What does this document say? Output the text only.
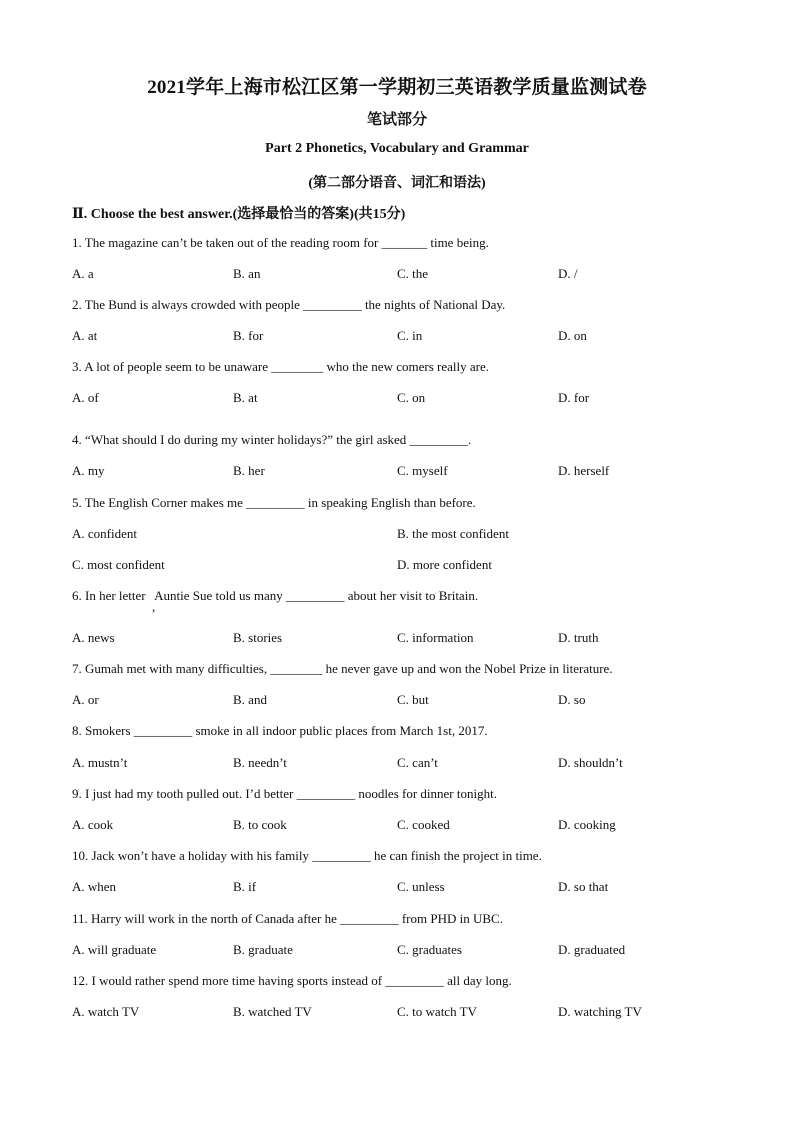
2021学年上海市松江区第一学期初三英语教学质量监测试卷
笔试部分
Part 2 Phonetics, Vocabulary and Grammar
(第二部分语音、词汇和语法)
Ⅱ. Choose the best answer.(选择最恰当的答案)(共15分)
1. The magazine can’t be taken out of the reading room for _______ time being.
A. a	B. an	C. the	D. /
2. The Bund is always crowded with people _________ the nights of National Day.
A. at	B. for	C. in	D. on
3. A lot of people seem to be unaware ________ who the new comers really are.
A. of	B. at	C. on	D. for
4. “What should I do during my winter holidays?” the girl asked _________.
A. my	B. her	C. myself	D. herself
5. The English Corner makes me _________ in speaking English than before.
A. confident	B. the most confident
C. most confident	D. more confident
6. In her letter Auntie Sue told us many _________ about her visit to Britain.
,
A. news	B. stories	C. information	D. truth
7. Gumah met with many difficulties, ________ he never gave up and won the Nobel Prize in literature.
A. or	B. and	C. but	D. so
8. Smokers _________ smoke in all indoor public places from March 1st, 2017.
A. mustn’t	B. needn’t	C. can’t	D. shouldn’t
9. I just had my tooth pulled out. I’d better _________ noodles for dinner tonight.
A. cook	B. to cook	C. cooked	D. cooking
10. Jack won’t have a holiday with his family _________ he can finish the project in time.
A. when	B. if	C. unless	D. so that
11. Harry will work in the north of Canada after he _________ from PHD in UBC.
A. will graduate	B. graduate	C. graduates	D. graduated
12. I would rather spend more time having sports instead of _________ all day long.
A. watch TV	B. watched TV	C. to watch TV	D. watching TV
